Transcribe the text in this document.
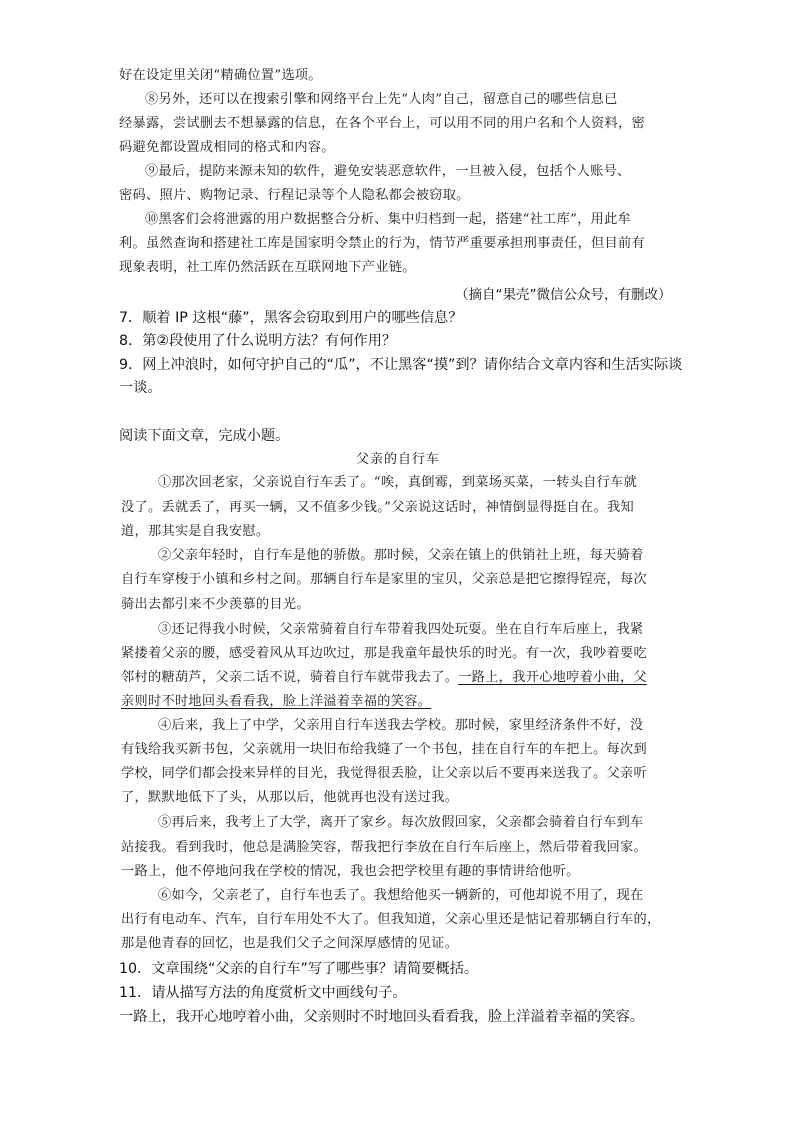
好在设定里关闭“精确位置”选项。
⑧另外，还可以在搜索引擎和网络平台上先“人肉”自己，留意自己的哪些信息已
经暴露，尝试删去不想暴露的信息，在各个平台上，可以用不同的用户名和个人资料，密
码避免都设置成相同的格式和内容。
⑨最后，提防来源未知的软件，避免安装恶意软件，一旦被入侵，包括个人账号、
密码、照片、购物记录、行程记录等个人隐私都会被窃取。
⑩黑客们会将泄露的用户数据整合分析、集中归档到一起，搭建“社工库”，用此牟
利。虽然查询和搭建社工库是国家明令禁止的行为，情节严重要承担刑事责任，但目前有
现象表明，社工库仍然活跃在互联网地下产业链。
（摘自“果壳”微信公众号，有删改）
7．顺着 IP 这根“藤”，黑客会窃取到用户的哪些信息？
8．第②段使用了什么说明方法？有何作用？
9．网上冲浪时，如何守护自己的“瓜”，不让黑客“摸”到？请你结合文章内容和生活实际谈
一谈。
阅读下面文章，完成小题。
父亲的自行车
①那次回老家，父亲说自行车丢了。“唉，真倒霉，到菜场买菜，一转头自行车就
没了。丢就丢了，再买一辆，又不值多少钱。”父亲说这话时，神情倒显得挺自在。我知
道，那其实是自我安慰。
②父亲年轻时，自行车是他的骄傲。那时候，父亲在镇上的供销社上班，每天骑着
自行车穿梭于小镇和乡村之间。那辆自行车是家里的宝贝，父亲总是把它擦得锃亮，每次
骑出去都引来不少羡慕的目光。
③还记得我小时候，父亲常骑着自行车带着我四处玩耍。坐在自行车后座上，我紧
紧搂着父亲的腰，感受着风从耳边吹过，那是我童年最快乐的时光。有一次，我吵着要吃
邻村的糖葫芦，父亲二话不说，骑着自行车就带我去了。一路上，我开心地哼着小曲，父
亲则时不时地回头看看我，脸上洋溢着幸福的笑容。
④后来，我上了中学，父亲用自行车送我去学校。那时候，家里经济条件不好，没
有钱给我买新书包，父亲就用一块旧布给我缝了一个书包，挂在自行车的车把上。每次到
学校，同学们都会投来异样的目光，我觉得很丢脸，让父亲以后不要再来送我了。父亲听
了，默默地低下了头，从那以后，他就再也没有送过我。
⑤再后来，我考上了大学，离开了家乡。每次放假回家，父亲都会骑着自行车到车
站接我。看到我时，他总是满脸笑容，帮我把行李放在自行车后座上，然后带着我回家。
一路上，他不停地问我在学校的情况，我也会把学校里有趣的事情讲给他听。
⑥如今，父亲老了，自行车也丢了。我想给他买一辆新的，可他却说不用了，现在
出行有电动车、汽车，自行车用处不大了。但我知道，父亲心里还是惦记着那辆自行车的，
那是他青春的回忆，也是我们父子之间深厚感情的见证。
10．文章围绕“父亲的自行车”写了哪些事？请简要概括。
11．请从描写方法的角度赏析文中画线句子。
一路上，我开心地哼着小曲，父亲则时不时地回头看看我，脸上洋溢着幸福的笑容。
